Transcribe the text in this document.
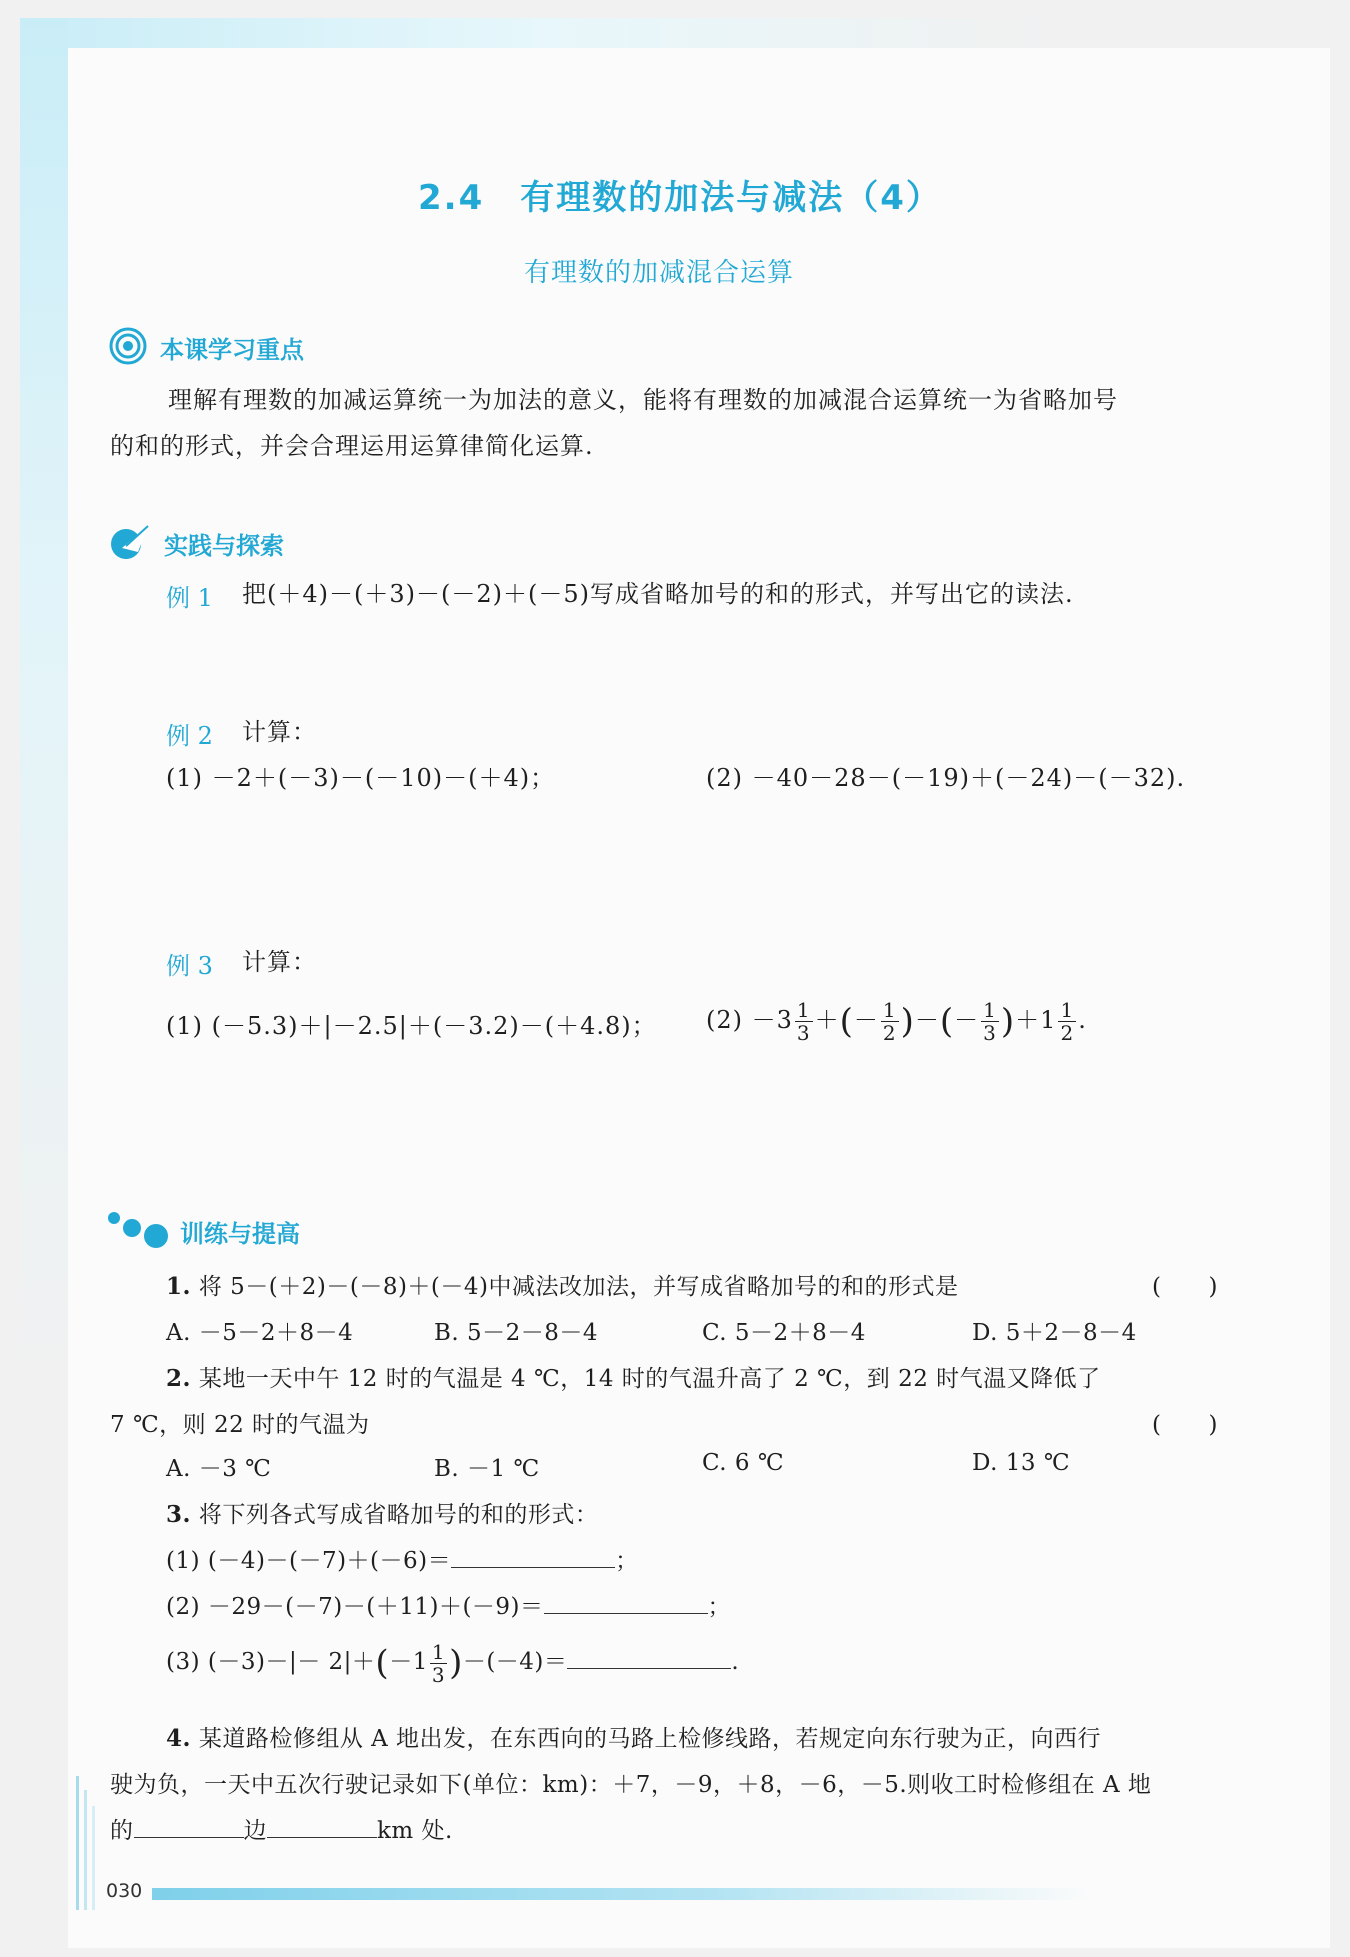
2.4　有理数的加法与减法（4）
有理数的加减混合运算
本课学习重点
理解有理数的加减运算统一为加法的意义，能将有理数的加减混合运算统一为省略加号
的和的形式，并会合理运用运算律简化运算.
实践与探索
例 1 把(＋4)－(＋3)－(－2)＋(－5)写成省略加号的和的形式，并写出它的读法.
例 2 计算：
(1) －2＋(－3)－(－10)－(＋4)；	(2) －40－28－(－19)＋(－24)－(－32).
例 3 计算：
(1) (－5.3)＋|－2.5|＋(－3.2)－(＋4.8)； $(2) -3 \frac{1}{3}$ ＋(－ $\frac{1}{2}$ )－(－ $\frac{1}{3} )+1 \frac{1}{2}$ .
训练与提高
1. 将 5－(＋2)－(－8)＋(－4)中减法改加法，并写成省略加号的和的形式是	(　　)
A. －5－2＋8－4	B. 5－2－8－4	C. 5－2＋8－4	D. 5＋2－8－4
2. 某地一天中午 12 时的气温是 4 ℃，14 时的气温升高了 2 ℃，到 22 时气温又降低了
7 ℃，则 22 时的气温为	(　　)
A. －3 ℃	B. －1 ℃	C. 6 ℃	D. 13 ℃
3. 将下列各式写成省略加号的和的形式：
(1) (－4)－(－7)＋(－6)＝	；
(2) －29－(－7)－(＋11)＋(－9)＝	；
(3) $(-3)-|- 2|+(-1 \frac{1}{3} )-(-4)=$	.
4. 某道路检修组从 A 地出发，在东西向的马路上检修线路，若规定向东行驶为正，向西行
驶为负，一天中五次行驶记录如下(单位：km)：＋7，－9，＋8，－6，－5.则收工时检修组在 A 地
的	边	km 处.
030
